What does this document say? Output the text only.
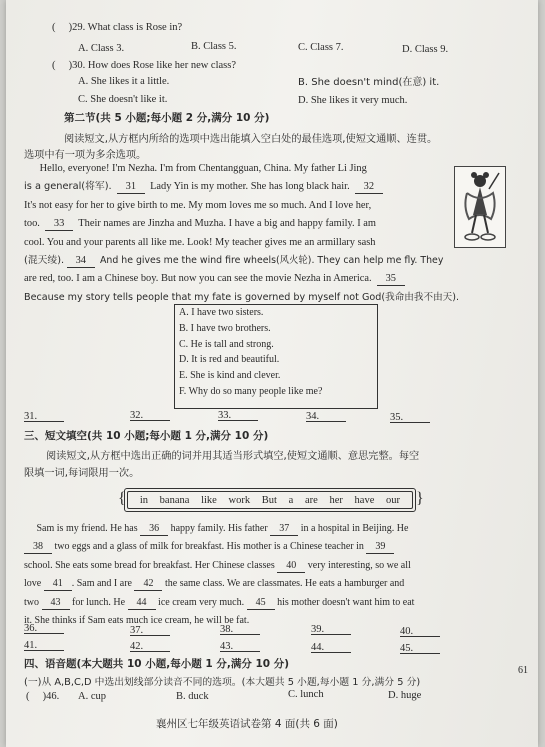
( )29. What class is Rose in?
A. Class 3.	B. Class 5.	C. Class 7.	D. Class 9.
( )30. How does Rose like her new class?
A. She likes it a little.	B. She doesn't mind(在意) it.
C. She doesn't like it.	D. She likes it very much.
第二节(共 5 小题;每小题 2 分,满分 10 分)
阅读短文,从方框内所给的选项中选出能填入空白处的最佳选项,使短文通顺、连贯。
选项中有一项为多余选项。

Hello, everyone! I'm Nezha. I'm from Chentangguan, China. My father Li Jing

is a general(将军). 31 Lady Yin is my mother. She has long black hair. 32

It's not easy for her to give birth to me. My mom loves me so much. And I love her,

too. 33 Their names are Jinzha and Muzha. I have a big and happy family. I am

cool. You and your parents all like me. Look! My teacher gives me an armillary sash

(混天绫). 34 And he gives me the wind fire wheels(风火轮). They can help me fly. They

are red, too. I am a Chinese boy. But now you can see the movie Nezha in America. 35

Because my story tells people that my fate is governed by myself not God(我命由我不由天).

A. I have two sisters.
B. I have two brothers.
C. He is tall and strong.
D. It is red and beautiful.
E. She is kind and clever.
F. Why do so many people like me?
31.	32.	33.	34.	35.
三、短文填空(共 10 小题;每小题 1 分,满分 10 分)
阅读短文,从方框中选出正确的词并用其适当形式填空,使短文通顺、意思完整。每空
限填一词,每词限用一次。
{ in banana like work But a are her have our }

Sam is my friend. He has 36 happy family. His father 37 in a hospital in Beijing. He

38 two eggs and a glass of milk for breakfast. His mother is a Chinese teacher in 39

school. She eats some bread for breakfast. Her Chinese classes 40 very interesting, so we all

love 41 . Sam and I are 42 the same class. We are classmates. He eats a hamburger and

two 43 for lunch. He 44 ice cream very much. 45 his mother doesn't want him to eat

it. She thinks if Sam eats much ice cream, he will be fat.

36.	37.	38.	39.	40.
41.	42.	43.	44.	45.
四、语音题(本大题共 10 小题,每小题 1 分,满分 10 分)
(一)从 A,B,C,D 中选出划线部分读音不同的选项。(本大题共 5 小题,每小题 1 分,满分 5 分)
( )46. A. cup	B. duck	C. lunch	D. huge
襄州区七年级英语试卷第 4 面(共 6 面)
61
